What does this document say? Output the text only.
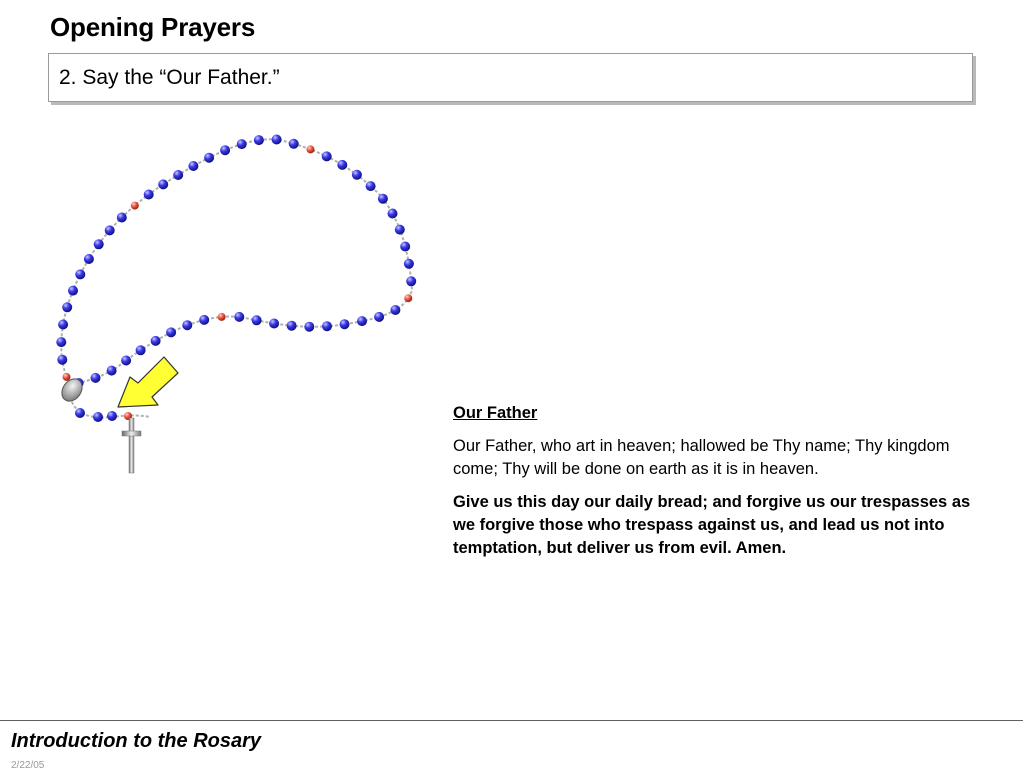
Opening Prayers
2. Say the “Our Father.”

Our Father

Our Father, who art in heaven; hallowed be Thy name; Thy kingdom come; Thy will be done on earth as it is in heaven.

Give us this day our daily bread; and forgive us our trespasses as we forgive those who trespass against us, and lead us not into temptation, but deliver us from evil. Amen.

Introduction to the Rosary
2/22/05
